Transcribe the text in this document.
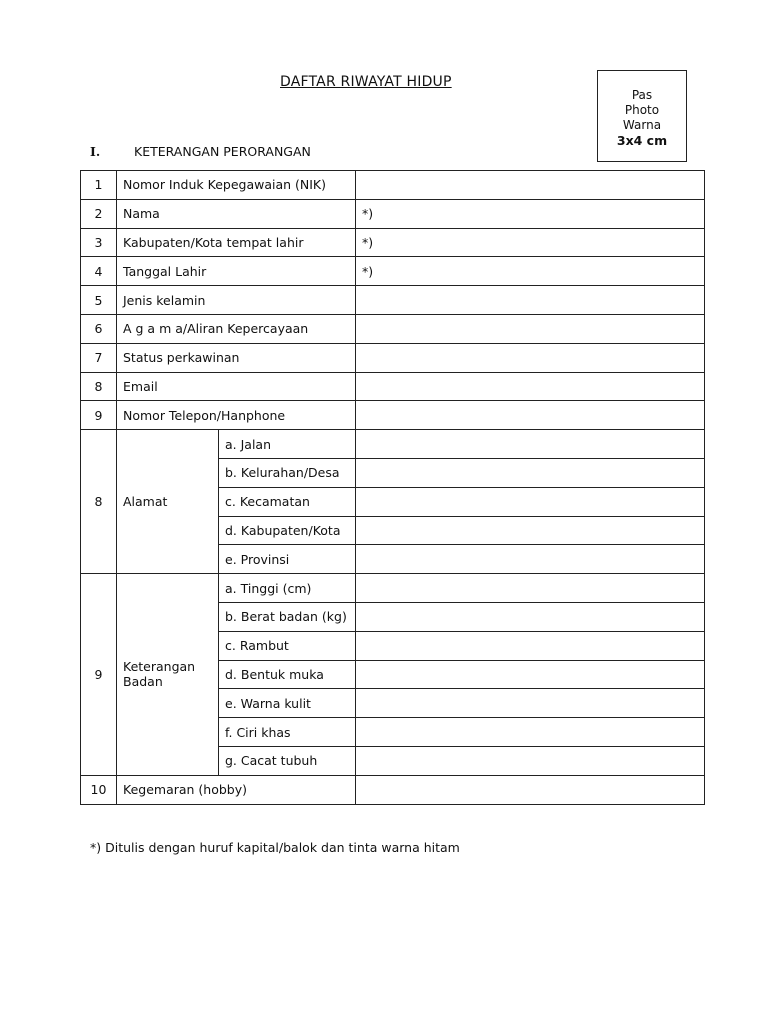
DAFTAR RIWAYAT HIDUP
Pas
Photo
Warna
3x4 cm
I.	KETERANGAN PERORANGAN
1	Nomor Induk Kepegawaian (NIK)		
2	Nama		*)
3	Kabupaten/Kota tempat lahir		*)
4	Tanggal Lahir		*)
5	Jenis kelamin		
6	A g a m a/Aliran Kepercayaan		
7	Status perkawinan		
8	Email		
9	Nomor Telepon/Hanphone		
8	Alamat	a. Jalan	
		b. Kelurahan/Desa	
		c. Kecamatan	
		d. Kabupaten/Kota	
		e. Provinsi	
9	Keterangan Badan	a. Tinggi (cm)	
		b. Berat badan (kg)	
		c. Rambut	
		d. Bentuk muka	
		e. Warna kulit	
		f. Ciri khas	
		g. Cacat tubuh	
10	Kegemaran (hobby)		
*) Ditulis dengan huruf kapital/balok dan tinta warna hitam
